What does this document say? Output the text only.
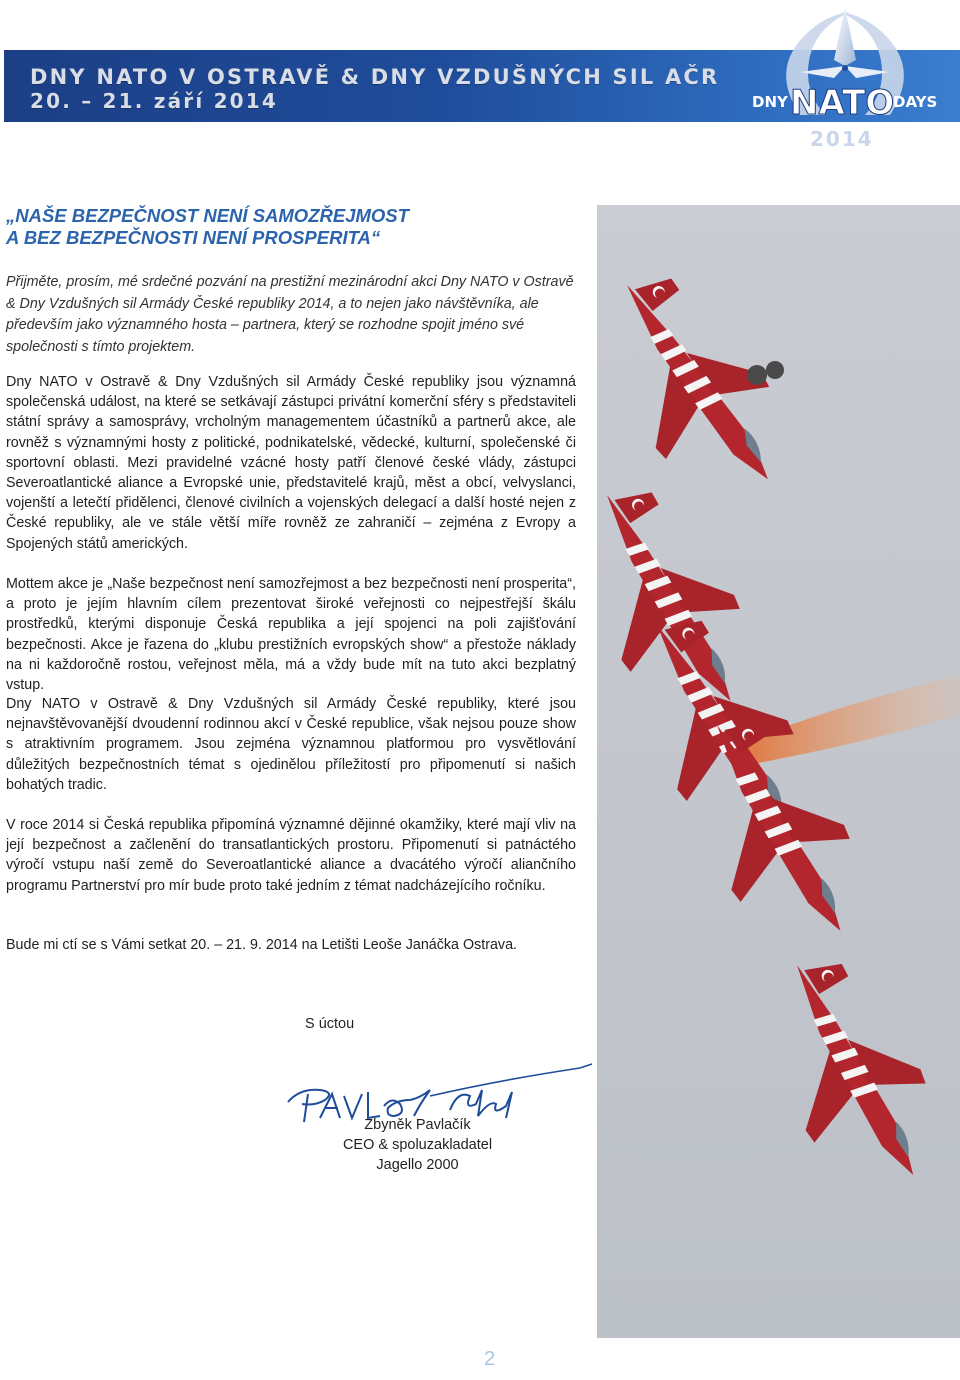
DNY NATO V OSTRAVĚ & DNY VZDUŠNÝCH SIL AČR
20. – 21. září 2014	DNY NATO
DAYS
2014
„NAŠE BEZPEČNOST NENÍ SAMOZŘEJMOST
A BEZ BEZPEČNOSTI NENÍ PROSPERITA“
Přijměte, prosím, mé srdečné pozvání na prestižní mezinárodní akci Dny NATO v Ostravě & Dny Vzdušných sil Armády České republiky 2014, a to nejen jako návštěvníka, ale především jako významného hosta – partnera, který se rozhodne spojit jméno své společnosti s tímto projektem.
Dny NATO v Ostravě & Dny Vzdušných sil Armády České republiky jsou významná společenská událost, na které se setkávají zástupci privátní komerční sféry s představiteli státní správy a samosprávy, vrcholným managementem účastníků a partnerů akce, ale rovněž s významnými hosty z politické, podnikatelské, vědecké, kulturní, společenské či sportovní oblasti. Mezi pravidelné vzácné hosty patří členové české vlády, zástupci Severoatlantické aliance a Evropské unie, představitelé krajů, měst a obcí, velvyslanci, vojenští a letečtí přidělenci, členové civilních a vojenských delegací a další hosté nejen z České republiky, ale ve stále větší míře rovněž ze zahraničí – zejména z Evropy a Spojených států amerických.
Mottem akce je „Naše bezpečnost není samozřejmost a bez bezpečnosti není prosperita“, a proto je jejím hlavním cílem prezentovat široké veřejnosti co nejpestřejší škálu prostředků, kterými disponuje Česká republika a její spojenci na poli zajišťování bezpečnosti. Akce je řazena do „klubu prestižních evropských show“ a přestože náklady na ni každoročně rostou, veřejnost měla, má a vždy bude mít na tuto akci bezplatný vstup.
Dny NATO v Ostravě & Dny Vzdušných sil Armády České republiky, které jsou nejnavštěvovanější dvoudenní rodinnou akcí v České republice, však nejsou pouze show s atraktivním programem. Jsou zejména významnou platformou pro vysvětlování důležitých bezpečnostních témat s ojedinělou příležitostí pro připomenutí si našich bohatých tradic.
V roce 2014 si Česká republika připomíná významné dějinné okamžiky, které mají vliv na její bezpečnost a začlenění do transatlantických prostoru. Připomenutí si patnáctého výročí vstupu naší země do Severoatlantické aliance a dvacátého výročí aliančního programu Partnerství pro mír bude proto také jedním z témat nadcházejícího ročníku.
Bude mi ctí se s Vámi setkat 20. – 21. 9. 2014 na Letišti Leoše Janáčka Ostrava.
S úctou
Zbyněk Pavlačík
CEO & spoluzakladatel
Jagello 2000
2
